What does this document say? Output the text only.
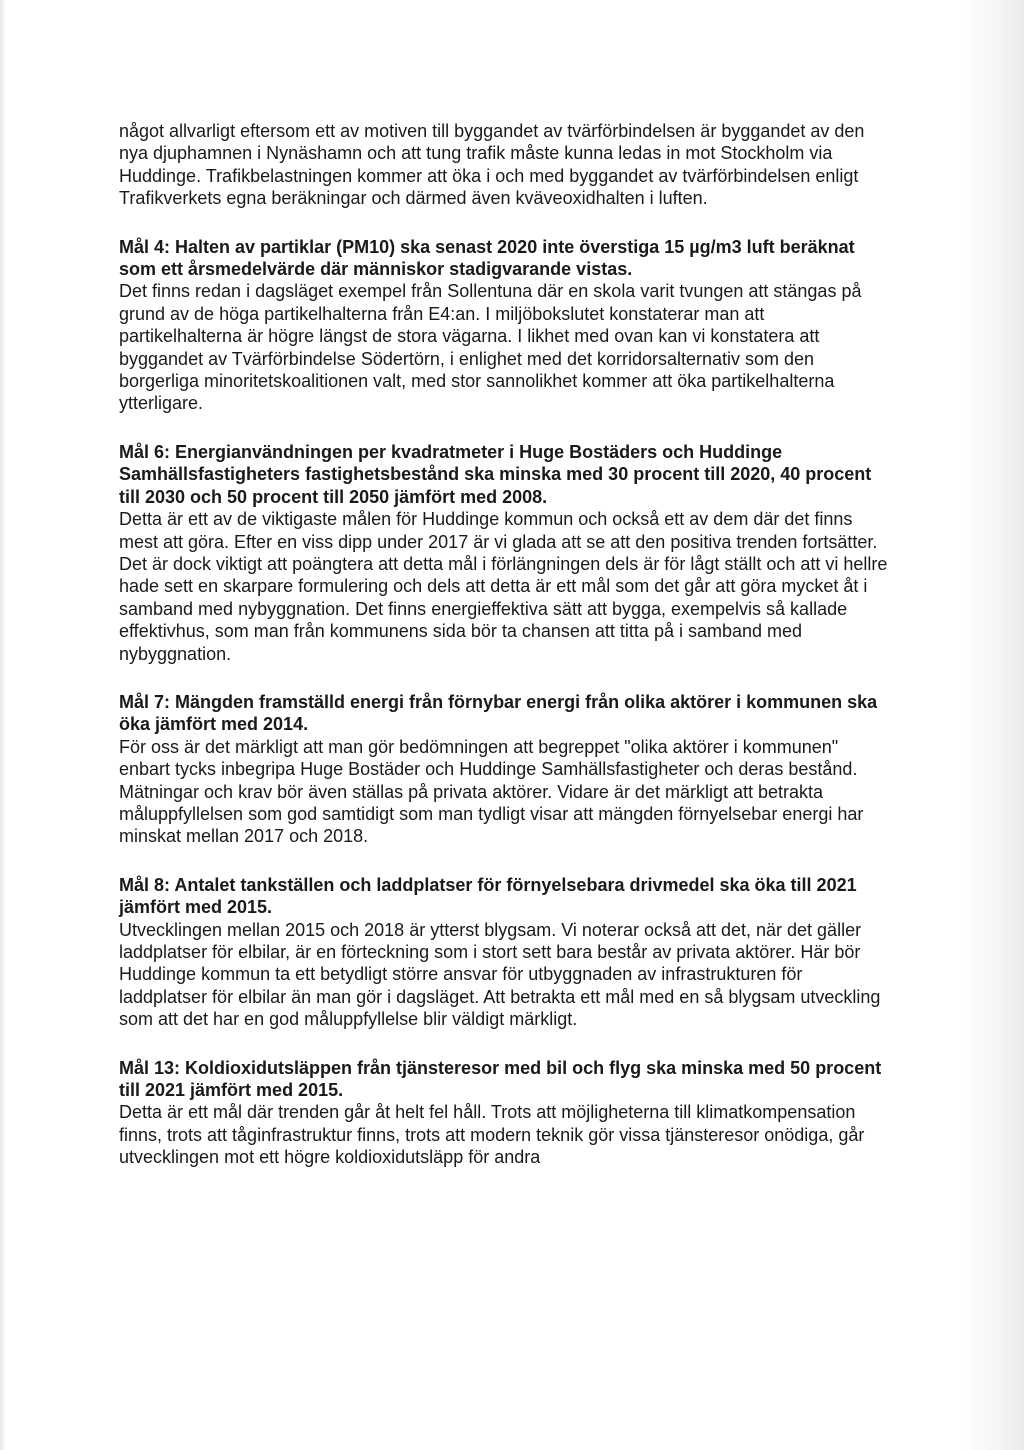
något allvarligt eftersom ett av motiven till byggandet av tvärförbindelsen är byggandet av den nya djuphamnen i Nynäshamn och att tung trafik måste kunna ledas in mot Stockholm via Huddinge. Trafikbelastningen kommer att öka i och med byggandet av tvärförbindelsen enligt Trafikverkets egna beräkningar och därmed även kväveoxidhalten i luften.

Mål 4: Halten av partiklar (PM10) ska senast 2020 inte överstiga 15 µg/m3 luft beräknat som ett årsmedelvärde där människor stadigvarande vistas.

Det finns redan i dagsläget exempel från Sollentuna där en skola varit tvungen att stängas på grund av de höga partikelhalterna från E4:an. I miljöbokslutet konstaterar man att partikelhalterna är högre längst de stora vägarna. I likhet med ovan kan vi konstatera att byggandet av Tvärförbindelse Södertörn, i enlighet med det korridorsalternativ som den borgerliga minoritetskoalitionen valt, med stor sannolikhet kommer att öka partikelhalterna ytterligare.

Mål 6: Energianvändningen per kvadratmeter i Huge Bostäders och Huddinge Samhällsfastigheters fastighetsbestånd ska minska med 30 procent till 2020, 40 procent till 2030 och 50 procent till 2050 jämfört med 2008.

Detta är ett av de viktigaste målen för Huddinge kommun och också ett av dem där det finns mest att göra. Efter en viss dipp under 2017 är vi glada att se att den positiva trenden fortsätter. Det är dock viktigt att poängtera att detta mål i förlängningen dels är för lågt ställt och att vi hellre hade sett en skarpare formulering och dels att detta är ett mål som det går att göra mycket åt i samband med nybyggnation. Det finns energieffektiva sätt att bygga, exempelvis så kallade effektivhus, som man från kommunens sida bör ta chansen att titta på i samband med nybyggnation.

Mål 7: Mängden framställd energi från förnybar energi från olika aktörer i kommunen ska öka jämfört med 2014.

För oss är det märkligt att man gör bedömningen att begreppet "olika aktörer i kommunen" enbart tycks inbegripa Huge Bostäder och Huddinge Samhällsfastigheter och deras bestånd. Mätningar och krav bör även ställas på privata aktörer. Vidare är det märkligt att betrakta måluppfyllelsen som god samtidigt som man tydligt visar att mängden förnyelsebar energi har minskat mellan 2017 och 2018.

Mål 8: Antalet tankställen och laddplatser för förnyelsebara drivmedel ska öka till 2021 jämfört med 2015.

Utvecklingen mellan 2015 och 2018 är ytterst blygsam. Vi noterar också att det, när det gäller laddplatser för elbilar, är en förteckning som i stort sett bara består av privata aktörer. Här bör Huddinge kommun ta ett betydligt större ansvar för utbyggnaden av infrastrukturen för laddplatser för elbilar än man gör i dagsläget. Att betrakta ett mål med en så blygsam utveckling som att det har en god måluppfyllelse blir väldigt märkligt.

Mål 13: Koldioxidutsläppen från tjänsteresor med bil och flyg ska minska med 50 procent till 2021 jämfört med 2015.

Detta är ett mål där trenden går åt helt fel håll. Trots att möjligheterna till klimatkompensation finns, trots att tåginfrastruktur finns, trots att modern teknik gör vissa tjänsteresor onödiga, går utvecklingen mot ett högre koldioxidutsläpp för andra
